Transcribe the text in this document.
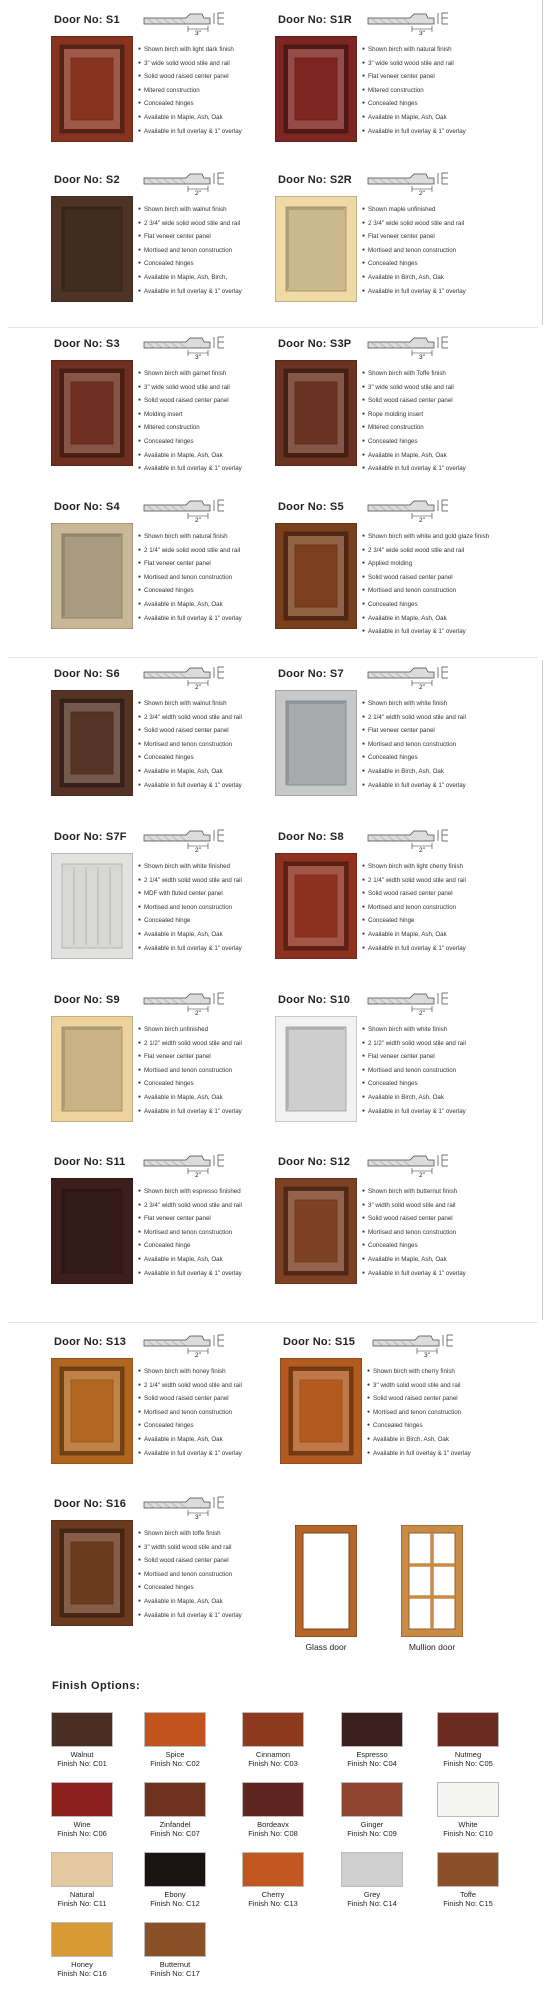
Door No: S1
3"
● Shown birch with light dark finish
● 3" wide solid wood stile and rail
● Solid wood raised center panel
● Mitered construction
● Concealed hinges
● Available in Maple, Ash, Oak
● Available in full overlay & 1" overlay
Door No: S1R
3"
● Shown birch with natural finish
● 3" wide solid wood stile and rail
● Flat veneer center panel
● Mitered construction
● Concealed hinges
● Available in Maple, Ash, Oak
● Available in full overlay & 1" overlay
Door No: S2
2"
● Shown birch with walnut finish
● 2 3/4" wide solid wood stile and rail
● Flat veneer center panel
● Mortised and tenon construction
● Concealed hinges
● Available in Maple, Ash, Birch,
● Available in full overlay & 1" overlay
Door No: S2R
2"
● Shown maple unfinished
● 2 3/4" wide solid wood stile and rail
● Flat veneer center panel
● Mortised and tenon construction
● Concealed hinges
● Available in Birch, Ash, Oak
● Available in full overlay & 1" overlay
Door No: S3
3"
● Shown birch with garnet finish
● 3" wide solid wood stile and rail
● Solid wood raised center panel
● Molding insert
● Mitered construction
● Concealed hinges
● Available in Maple, Ash, Oak
● Available in full overlay & 1" overlay
Door No: S3P
3"
● Shown birch with Toffe finish
● 3" wide solid wood stile and rail
● Solid wood raised center panel
● Rope molding insert
● Mitered construction
● Concealed hinges
● Available in Maple, Ash, Oak
● Available in full overlay & 1" overlay
Door No: S4
2"
● Shown birch with natural finish
● 2 1/4" wide solid wood stile and rail
● Flat veneer center panel
● Mortised and tenon construction
● Concealed hinges
● Available in Maple, Ash, Oak
● Available in full overlay & 1" overlay
Door No: S5
2"
● Shown birch with white and gold glaze finish
● 2 3/4" wide solid wood stile and rail
● Applied molding
● Solid wood raised center panel
● Mortised and tenon construction
● Concealed hinges
● Available in Maple, Ash, Oak
● Available in full overlay & 1" overlay
Door No: S6
2"
● Shown birch with walnut finish
● 2 3/4" width solid wood stile and rail
● Solid wood raised center panel
● Mortised and tenon construction
● Concealed hinges
● Available in Maple, Ash, Oak
● Available in full overlay & 1" overlay
Door No: S7
2"
● Shown birch with white finish
● 2 1/4" width solid wood stile and rail
● Flat veneer center panel
● Mortised and tenon construction
● Concealed hinges
● Available in Birch, Ash, Oak
● Available in full overlay & 1" overlay
Door No: S7F
2"
● Shown birch with white finished
● 2 1/4" width solid wood stile and rail
● MDF with fluted center panel
● Mortised and tenon construction
● Concealed hinge
● Available in Maple, Ash, Oak
● Available in full overlay & 1" overlay
Door No: S8
2"
● Shown birch with light cherry finish
● 2 1/4" width solid wood stile and rail
● Solid wood raised center panel
● Mortised and tenon construction
● Concealed hinge
● Available in Maple, Ash, Oak
● Available in full overlay & 1" overlay
Door No: S9
2"
● Shown birch unfinished
● 2 1/2" width solid wood stile and rail
● Flat veneer center panel
● Mortised and tenon construction
● Concealed hinges
● Available in Maple, Ash, Oak
● Available in full overlay & 1" overlay
Door No: S10
2"
● Shown birch with white finish
● 2 1/2" width solid wood stile and rail
● Flat veneer center panel
● Mortised and tenon construction
● Concealed hinges
● Available in Birch, Ash, Oak
● Available in full overlay & 1" overlay
Door No: S11
2"
● Shown birch with espresso finished
● 2 3/4" width solid wood stile and rail
● Flat veneer center panel
● Mortised and tenon construction
● Concealed hinge
● Available in Maple, Ash, Oak
● Available in full overlay & 1" overlay
Door No: S12
2"
● Shown birch with butternut finish
● 3" width solid wood stile and rail
● Solid wood raised center panel
● Mortised and tenon construction
● Concealed hinges
● Available in Maple, Ash, Oak
● Available in full overlay & 1" overlay
Door No: S13
2"
● Shown birch with honey finish
● 2 1/4" width solid wood stile and rail
● Solid wood raised center panel
● Mortised and tenon construction
● Concealed hinges
● Available in Maple, Ash, Oak
● Available in full overlay & 1" overlay
Door No: S15
3"
● Shown birch with cherry finish
● 3" width solid wood stile and rail
● Solid wood raised center panel
● Mortised and tenon construction
● Concealed hinges
● Available in Birch, Ash, Oak
● Available in full overlay & 1" overlay
Door No: S16
3"
● Shown birch with toffe finish
● 3" width solid wood stile and rail
● Solid wood raised center panel
● Mortised and tenon construction
● Concealed hinges
● Available in Maple, Ash, Oak
● Available in full overlay & 1" overlay
Glass door	Mullion door
Finish Options:
Walnut
Finish No: C01
Spice
Finish No: C02
Cinnamon
Finish No: C03
Espresso
Finish No: C04
Nutmeg
Finish No: C05
Wine
Finish No: C06
Zinfandel
Finish No: C07
Bordeavx
Finish No: C08
Ginger
Finish No: C09
White
Finish No: C10
Natural
Finish No: C11
Ebony
Finish No: C12
Cherry
Finish No: C13
Grey
Finish No: C14
Toffe
Finish No: C15
Honey
Finish No: C16
Butternut
Finish No: C17
